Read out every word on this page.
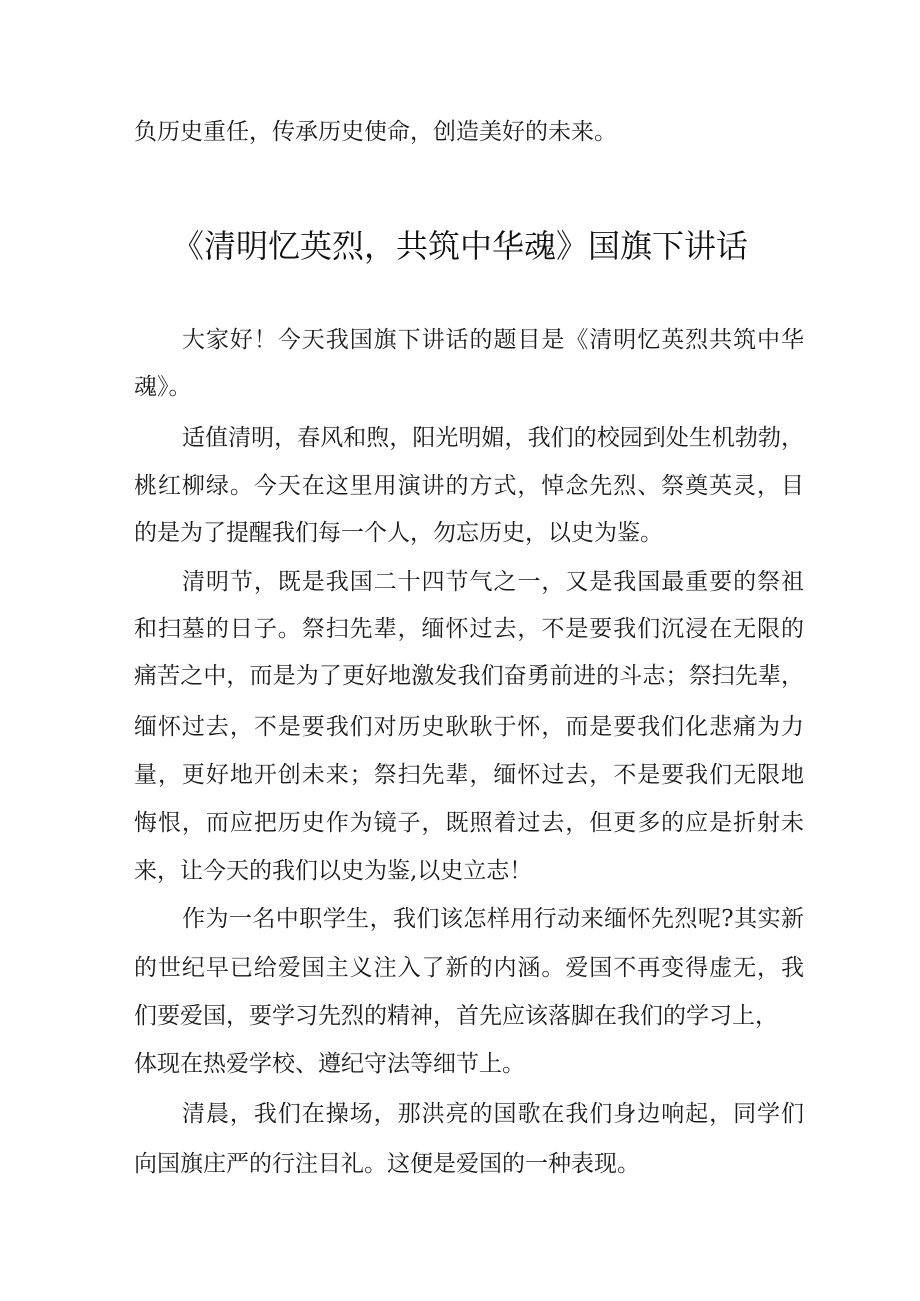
负历史重任，传承历史使命，创造美好的未来。
《清明忆英烈，共筑中华魂》国旗下讲话
大家好！今天我国旗下讲话的题目是《清明忆英烈共筑中华
魂》。
适值清明，春风和煦，阳光明媚，我们的校园到处生机勃勃，
桃红柳绿。今天在这里用演讲的方式，悼念先烈、祭奠英灵，目
的是为了提醒我们每一个人，勿忘历史，以史为鉴。
清明节，既是我国二十四节气之一，又是我国最重要的祭祖
和扫墓的日子。祭扫先辈，缅怀过去，不是要我们沉浸在无限的
痛苦之中，而是为了更好地激发我们奋勇前进的斗志；祭扫先辈，
缅怀过去，不是要我们对历史耿耿于怀，而是要我们化悲痛为力
量，更好地开创未来；祭扫先辈，缅怀过去，不是要我们无限地
悔恨，而应把历史作为镜子，既照着过去，但更多的应是折射未
来，让今天的我们以史为鉴,以史立志！
作为一名中职学生，我们该怎样用行动来缅怀先烈呢?其实新
的世纪早已给爱国主义注入了新的内涵。爱国不再变得虚无，我
们要爱国，要学习先烈的精神，首先应该落脚在我们的学习上，
体现在热爱学校、遵纪守法等细节上。
清晨，我们在操场，那洪亮的国歌在我们身边响起，同学们
向国旗庄严的行注目礼。这便是爱国的一种表现。
